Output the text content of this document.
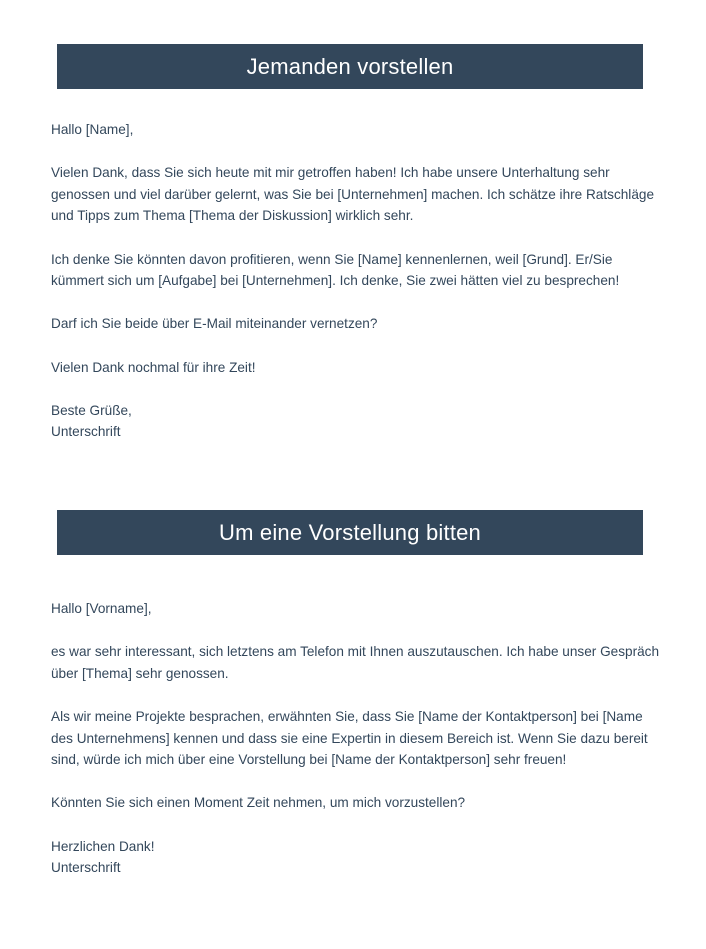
Jemanden vorstellen

Hallo [Name],

Vielen Dank, dass Sie sich heute mit mir getroffen haben! Ich habe unsere Unterhaltung sehr genossen und viel darüber gelernt, was Sie bei [Unternehmen] machen. Ich schätze ihre Ratschläge und Tipps zum Thema [Thema der Diskussion] wirklich sehr.

Ich denke Sie könnten davon profitieren, wenn Sie [Name] kennenlernen, weil [Grund]. Er/Sie kümmert sich um [Aufgabe] bei [Unternehmen]. Ich denke, Sie zwei hätten viel zu besprechen!

Darf ich Sie beide über E-Mail miteinander vernetzen?

Vielen Dank nochmal für ihre Zeit!

Beste Grüße,
Unterschrift

Um eine Vorstellung bitten

Hallo [Vorname],

es war sehr interessant, sich letztens am Telefon mit Ihnen auszutauschen. Ich habe unser Gespräch über [Thema] sehr genossen.

Als wir meine Projekte besprachen, erwähnten Sie, dass Sie [Name der Kontaktperson] bei [Name des Unternehmens] kennen und dass sie eine Expertin in diesem Bereich ist. Wenn Sie dazu bereit sind, würde ich mich über eine Vorstellung bei [Name der Kontaktperson] sehr freuen!

Könnten Sie sich einen Moment Zeit nehmen, um mich vorzustellen?

Herzlichen Dank!
Unterschrift
